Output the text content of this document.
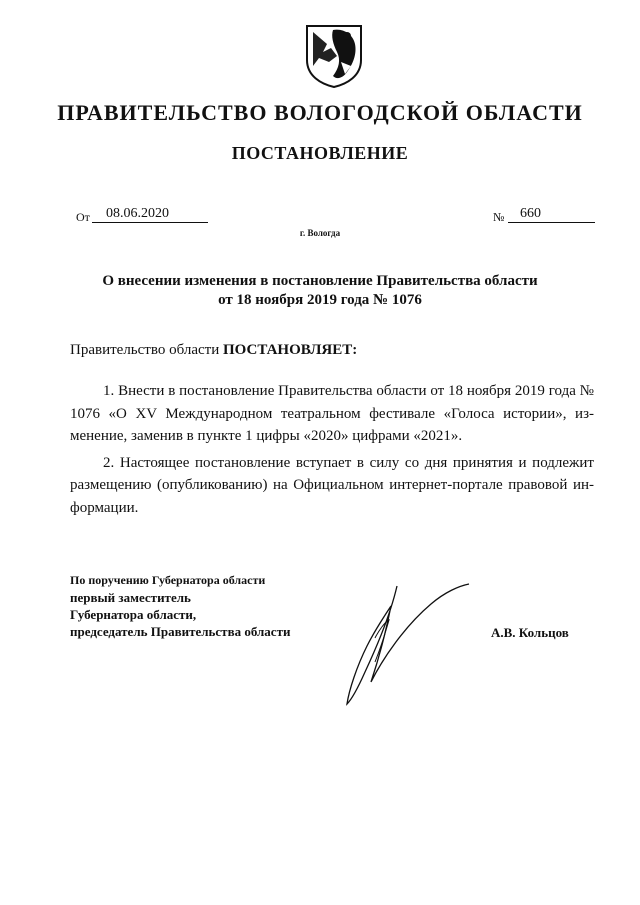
ПРАВИТЕЛЬСТВО ВОЛОГОДСКОЙ ОБЛАСТИ
ПОСТАНОВЛЕНИЕ
От	08.06.2020	№	660
г. Вологда
О внесении изменения в постановление Правительства области
от 18 ноября 2019 года № 1076
Правительство области ПОСТАНОВЛЯЕТ:

1. Внести в постановление Правительства области от 18 ноября 2019 года № 1076 «О XV Международном театральном фестивале «Голоса истории», из-менение, заменив в пункте 1 цифры «2020» цифрами «2021».

2. Настоящее постановление вступает в силу со дня принятия и подлежит размещению (опубликованию) на Официальном интернет-портале правовой ин-формации.

По поручению Губернатора области
первый заместитель
Губернатора области,
председатель Правительства области	А.В. Кольцов
